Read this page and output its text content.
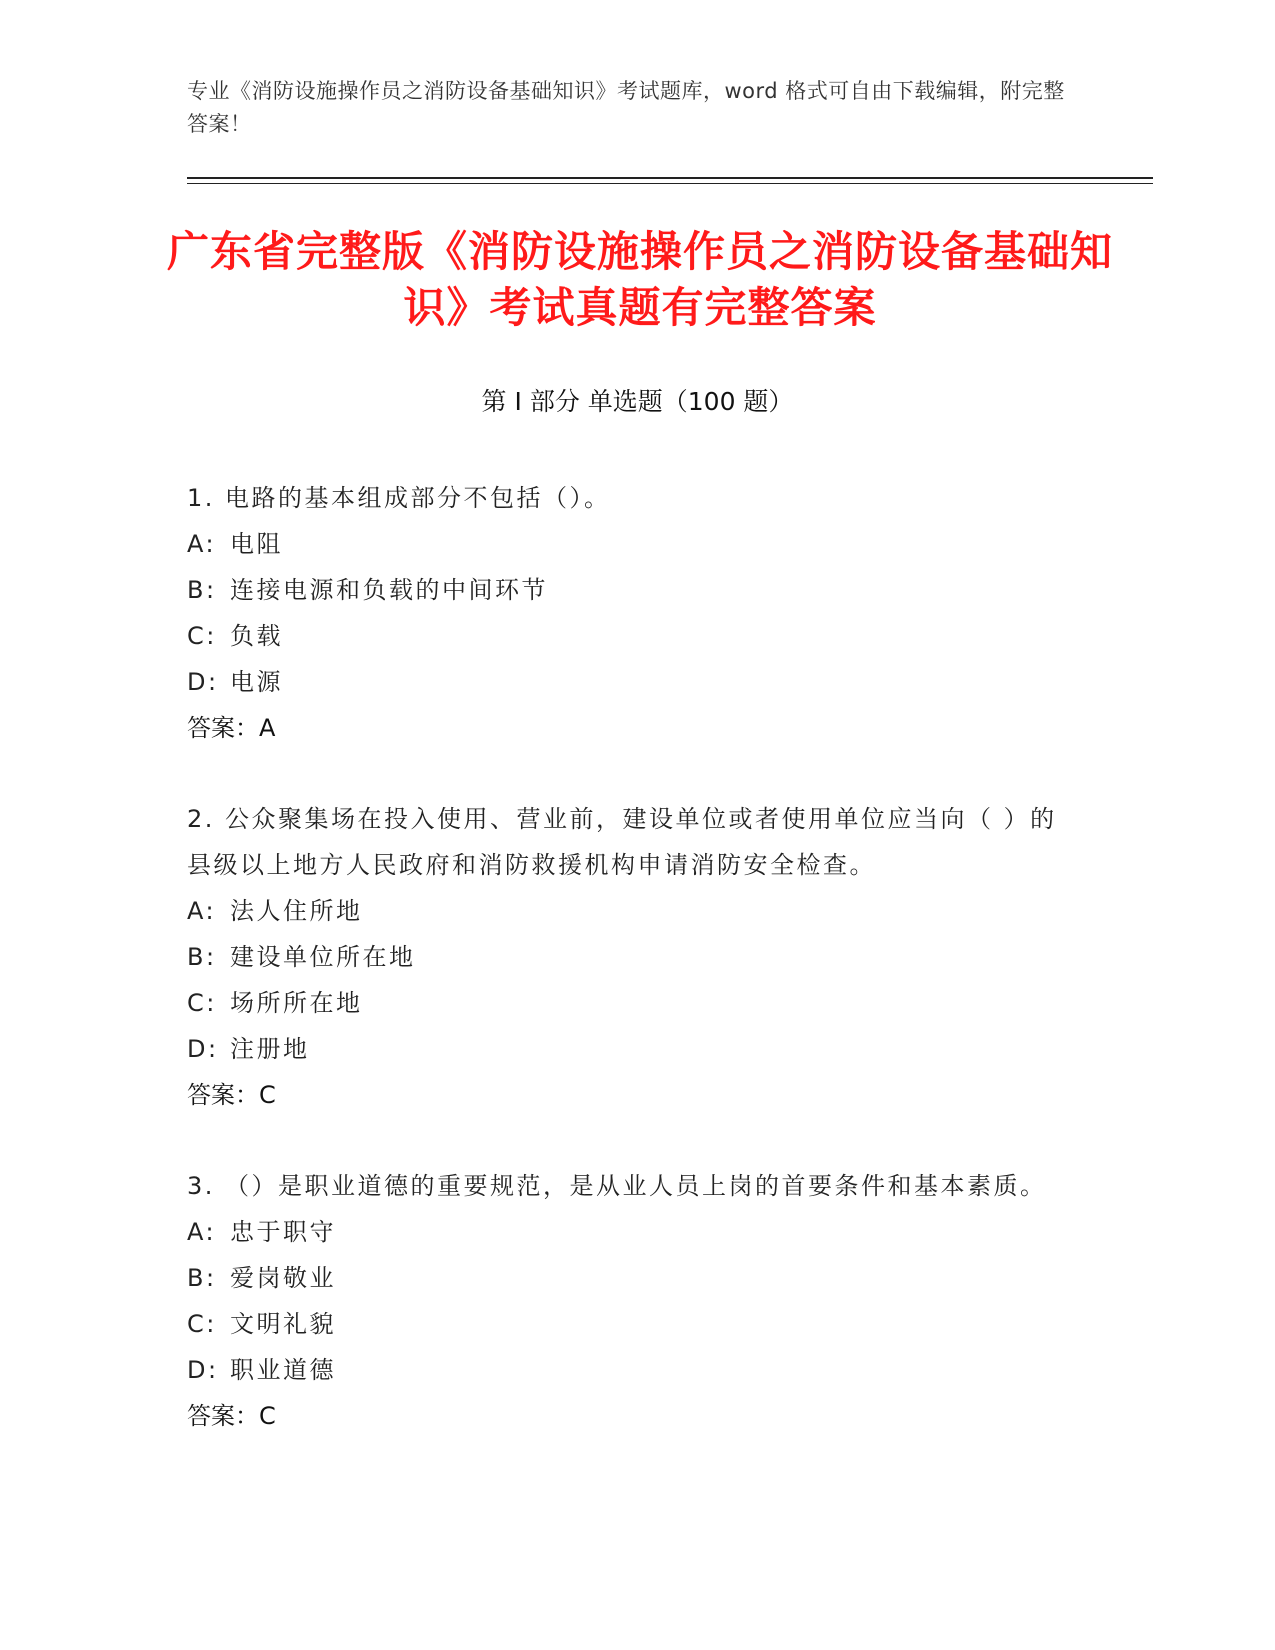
专业《消防设施操作员之消防设备基础知识》考试题库，word 格式可自由下载编辑，附完整答案！
广东省完整版《消防设施操作员之消防设备基础知识》考试真题有完整答案
第 I 部分 单选题（100 题）
1. 电路的基本组成部分不包括（）。
A: 电阻
B: 连接电源和负载的中间环节
C: 负载
D: 电源
答案：A
2. 公众聚集场在投入使用、营业前，建设单位或者使用单位应当向（ ）的县级以上地方人民政府和消防救援机构申请消防安全检查。
A: 法人住所地
B: 建设单位所在地
C: 场所所在地
D: 注册地
答案：C
3. （）是职业道德的重要规范，是从业人员上岗的首要条件和基本素质。
A: 忠于职守
B: 爱岗敬业
C: 文明礼貌
D: 职业道德
答案：C
